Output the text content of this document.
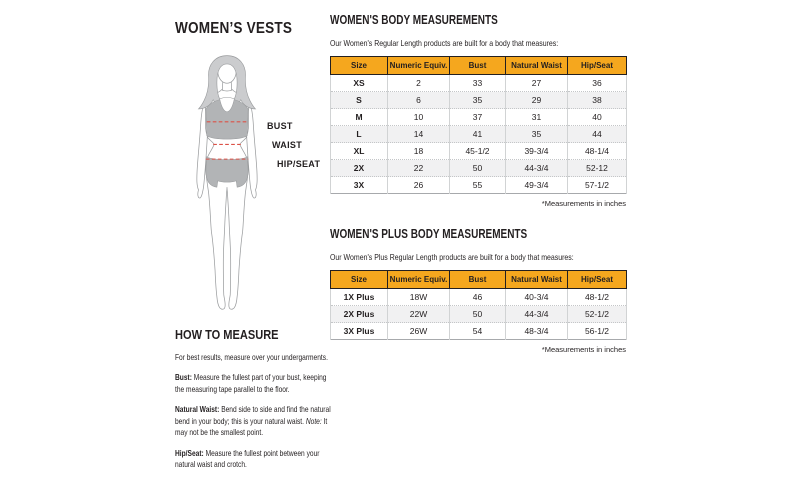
WOMEN’S VESTS
BUST
WAIST
HIP/SEAT
HOW TO MEASURE

For best results, measure over your undergarments.

Bust: Measure the fullest part of your bust, keeping the measuring tape parallel to the floor.

Natural Waist: Bend side to side and find the natural bend in your body; this is your natural waist. Note: It may not be the smallest point.

Hip/Seat: Measure the fullest point between your natural waist and crotch.

WOMEN'S BODY MEASUREMENTS
Our Women's Regular Length products are built for a body that measures:
Size	Numeric Equiv.	Bust	Natural Waist	Hip/Seat
XS	2	33	27	36
S	6	35	29	38
M	10	37	31	40
L	14	41	35	44
XL	18	45-1/2	39-3/4	48-1/4
2X	22	50	44-3/4	52-12
3X	26	55	49-3/4	57-1/2
*Measurements in inches
WOMEN'S PLUS BODY MEASUREMENTS
Our Women's Plus Regular Length products are built for a body that measures:
Size	Numeric Equiv.	Bust	Natural Waist	Hip/Seat
1X Plus	18W	46	40-3/4	48-1/2
2X Plus	22W	50	44-3/4	52-1/2
3X Plus	26W	54	48-3/4	56-1/2
*Measurements in inches
